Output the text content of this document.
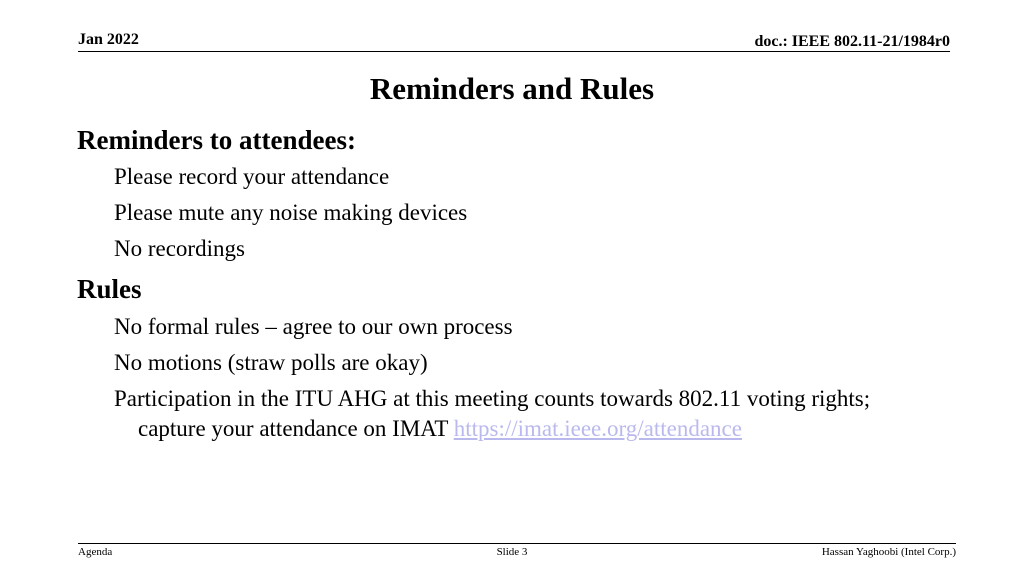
Jan 2022	doc.: IEEE 802.11-21/1984r0
Reminders and Rules
Reminders to attendees:
Please record your attendance
Please mute any noise making devices
No recordings
Rules
No formal rules – agree to our own process
No motions (straw polls are okay)
Participation in the ITU AHG at this meeting counts towards 802.11 voting rights; capture your attendance on IMAT https://imat.ieee.org/attendance
Agenda	Slide 3	Hassan Yaghoobi (Intel Corp.)
